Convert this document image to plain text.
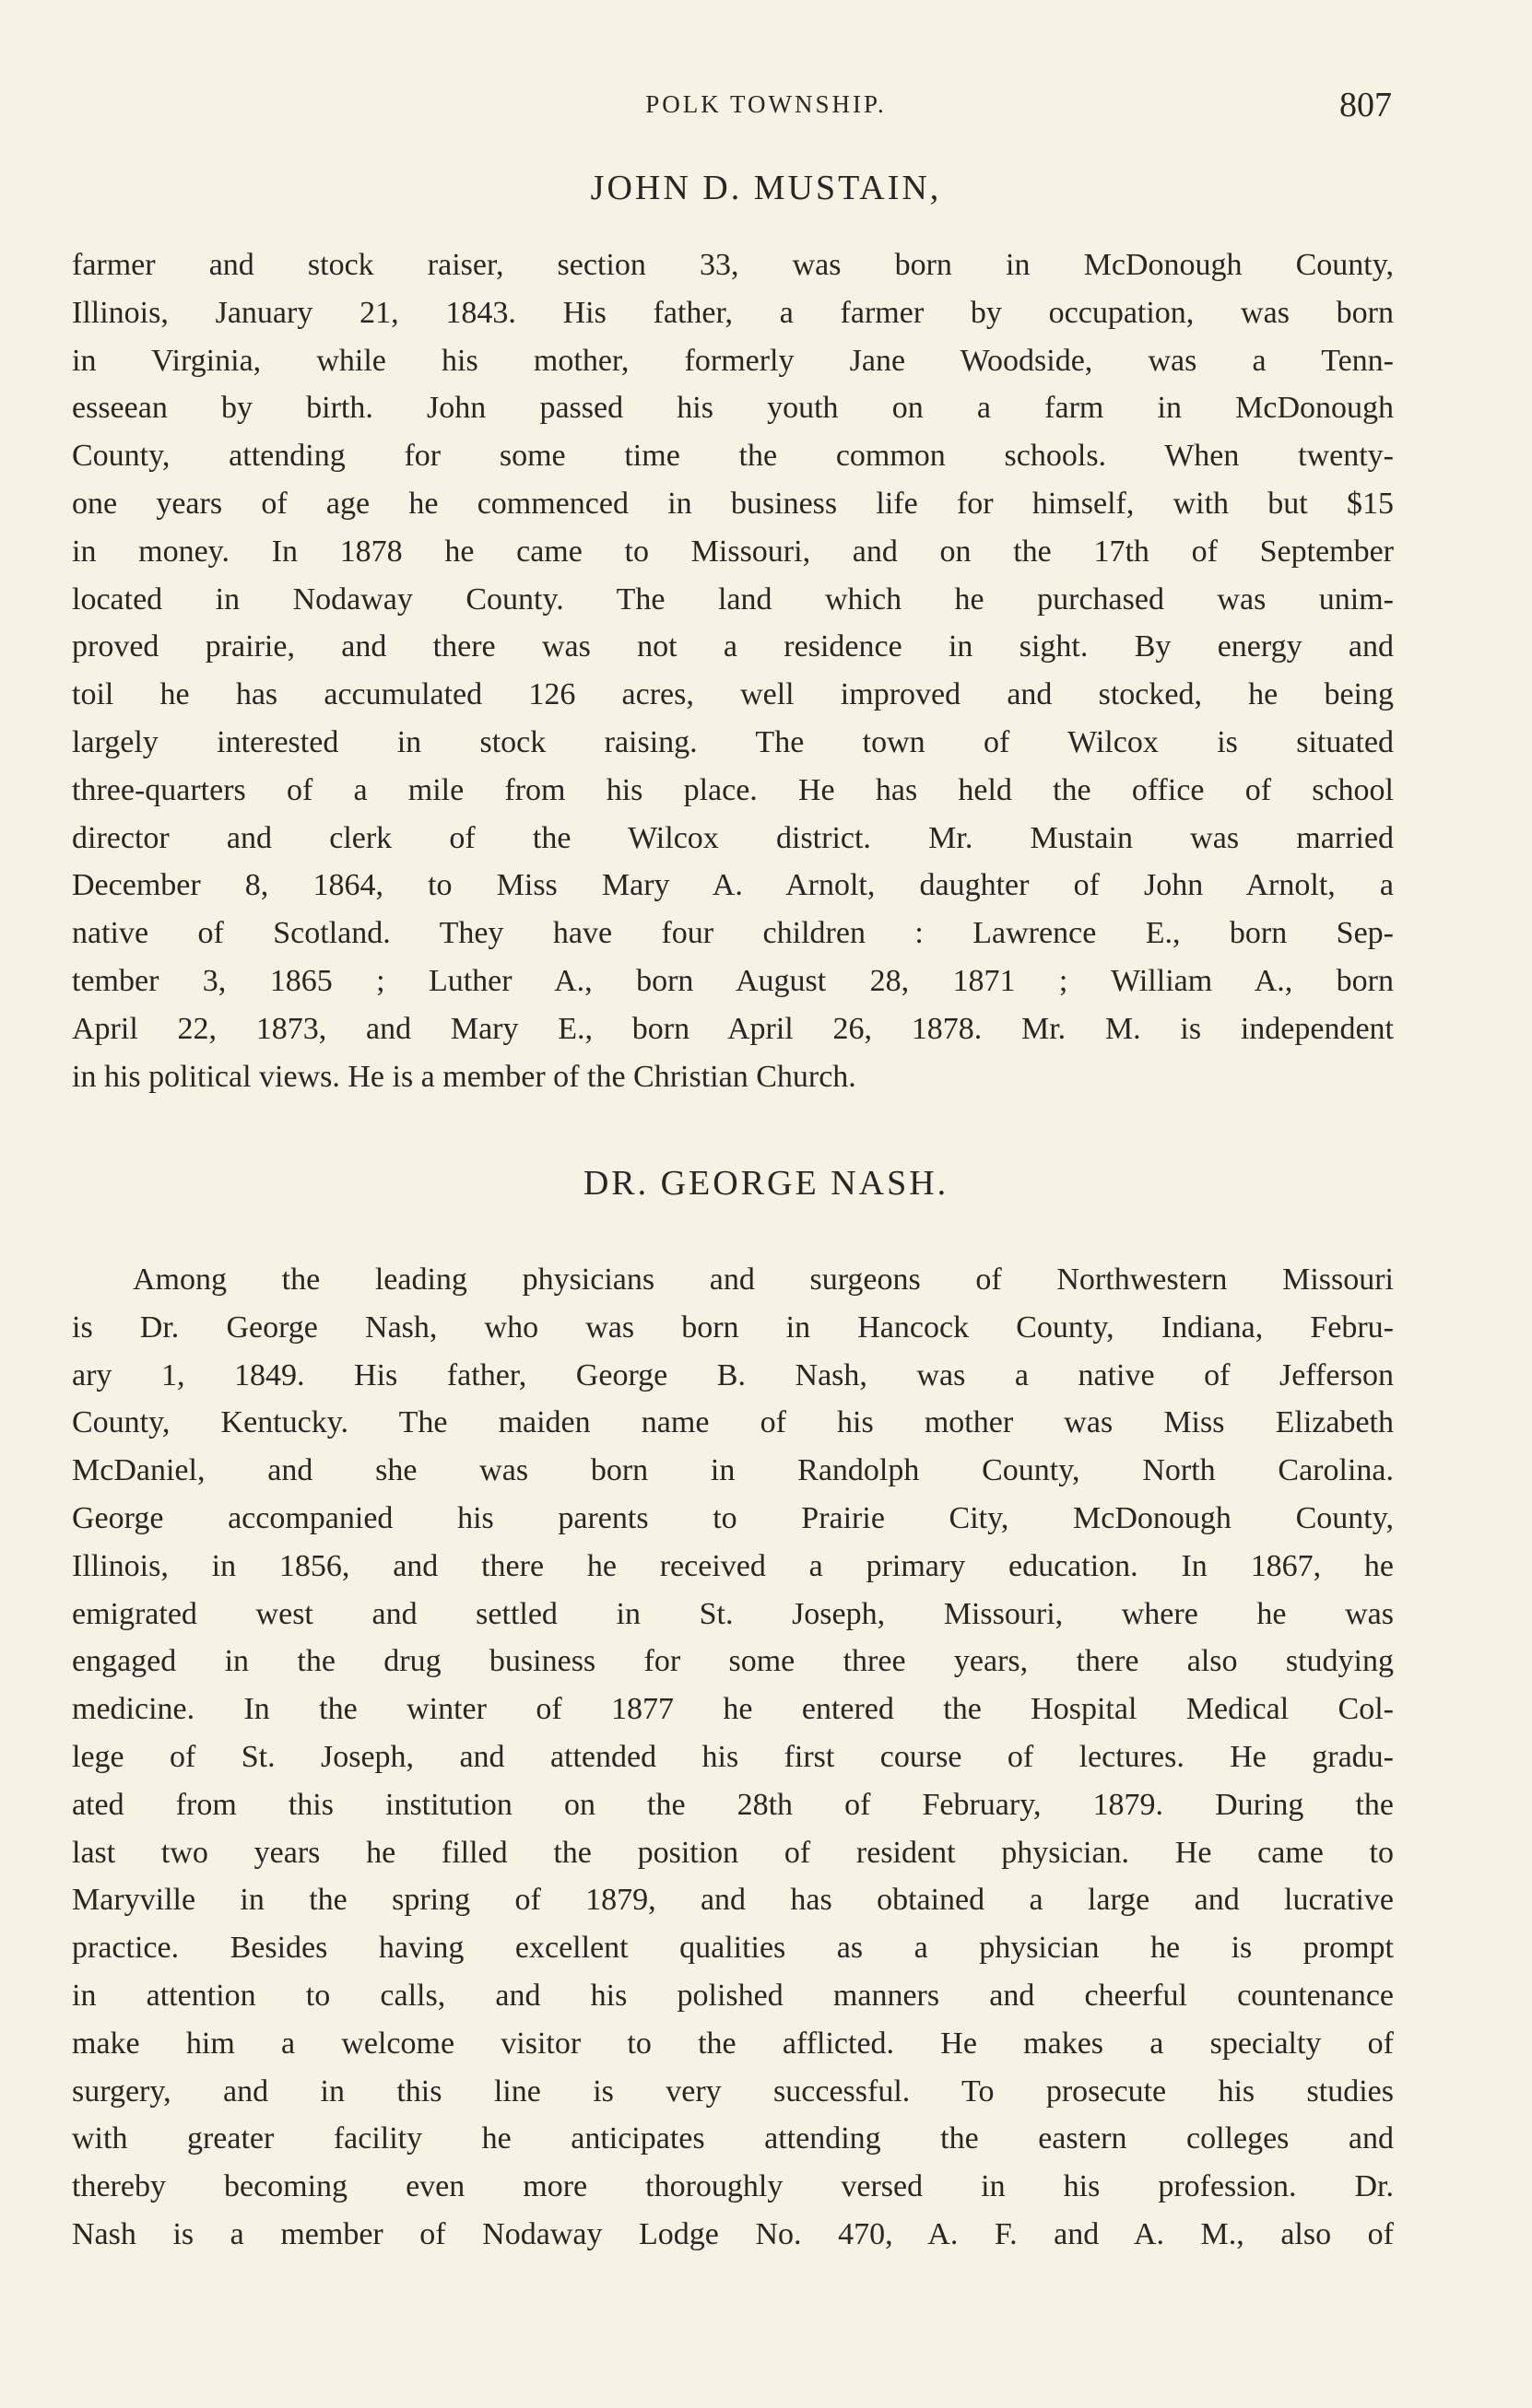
POLK TOWNSHIP.	807
JOHN D. MUSTAIN,
farmer and stock raiser, section 33, was born in McDonough County,
Illinois, January 21, 1843. His father, a farmer by occupation, was born
in Virginia, while his mother, formerly Jane Woodside, was a Tenn-
esseean by birth. John passed his youth on a farm in McDonough
County, attending for some time the common schools. When twenty-
one years of age he commenced in business life for himself, with but $15
in money. In 1878 he came to Missouri, and on the 17th of September
located in Nodaway County. The land which he purchased was unim-
proved prairie, and there was not a residence in sight. By energy and
toil he has accumulated 126 acres, well improved and stocked, he being
largely interested in stock raising. The town of Wilcox is situated
three-quarters of a mile from his place. He has held the office of school
director and clerk of the Wilcox district. Mr. Mustain was married
December 8, 1864, to Miss Mary A. Arnolt, daughter of John Arnolt, a
native of Scotland. They have four children : Lawrence E., born Sep-
tember 3, 1865 ; Luther A., born August 28, 1871 ; William A., born
April 22, 1873, and Mary E., born April 26, 1878. Mr. M. is independent
in his political views. He is a member of the Christian Church.
DR. GEORGE NASH.
Among the leading physicians and surgeons of Northwestern Missouri
is Dr. George Nash, who was born in Hancock County, Indiana, Febru-
ary 1, 1849. His father, George B. Nash, was a native of Jefferson
County, Kentucky. The maiden name of his mother was Miss Elizabeth
McDaniel, and she was born in Randolph County, North Carolina.
George accompanied his parents to Prairie City, McDonough County,
Illinois, in 1856, and there he received a primary education. In 1867, he
emigrated west and settled in St. Joseph, Missouri, where he was
engaged in the drug business for some three years, there also studying
medicine. In the winter of 1877 he entered the Hospital Medical Col-
lege of St. Joseph, and attended his first course of lectures. He gradu-
ated from this institution on the 28th of February, 1879. During the
last two years he filled the position of resident physician. He came to
Maryville in the spring of 1879, and has obtained a large and lucrative
practice. Besides having excellent qualities as a physician he is prompt
in attention to calls, and his polished manners and cheerful countenance
make him a welcome visitor to the afflicted. He makes a specialty of
surgery, and in this line is very successful. To prosecute his studies
with greater facility he anticipates attending the eastern colleges and
thereby becoming even more thoroughly versed in his profession. Dr.
Nash is a member of Nodaway Lodge No. 470, A. F. and A. M., also of
